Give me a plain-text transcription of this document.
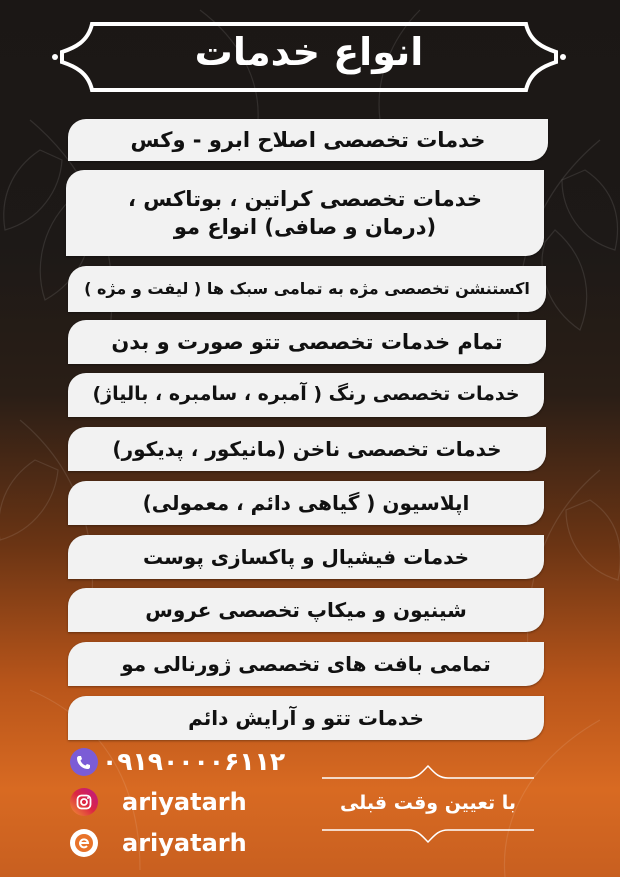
انواع خدمات
خدمات تخصصی اصلاح ابرو - وکس
خدمات تخصصی کراتین ، بوتاکس ، (درمان و صافی) انواع مو
اکستنشن تخصصی مژه به تمامی سبک ها ( لیفت و مژه )
تمام خدمات تخصصی تتو صورت و بدن
خدمات تخصصی رنگ ( آمبره ، سامبره ، بالیاژ)
خدمات تخصصی ناخن (مانیکور ، پدیکور)
اپلاسیون ( گیاهی دائم ، معمولی)
خدمات فیشیال و پاکسازی پوست
شینیون و میکاپ تخصصی عروس
تمامی بافت های تخصصی ژورنالی مو
خدمات تتو و آرایش دائم
۰۹۱۹۰۰۰۰۶۱۱۲
ariyatarh
ariyatarh
با تعیین وقت قبلی
